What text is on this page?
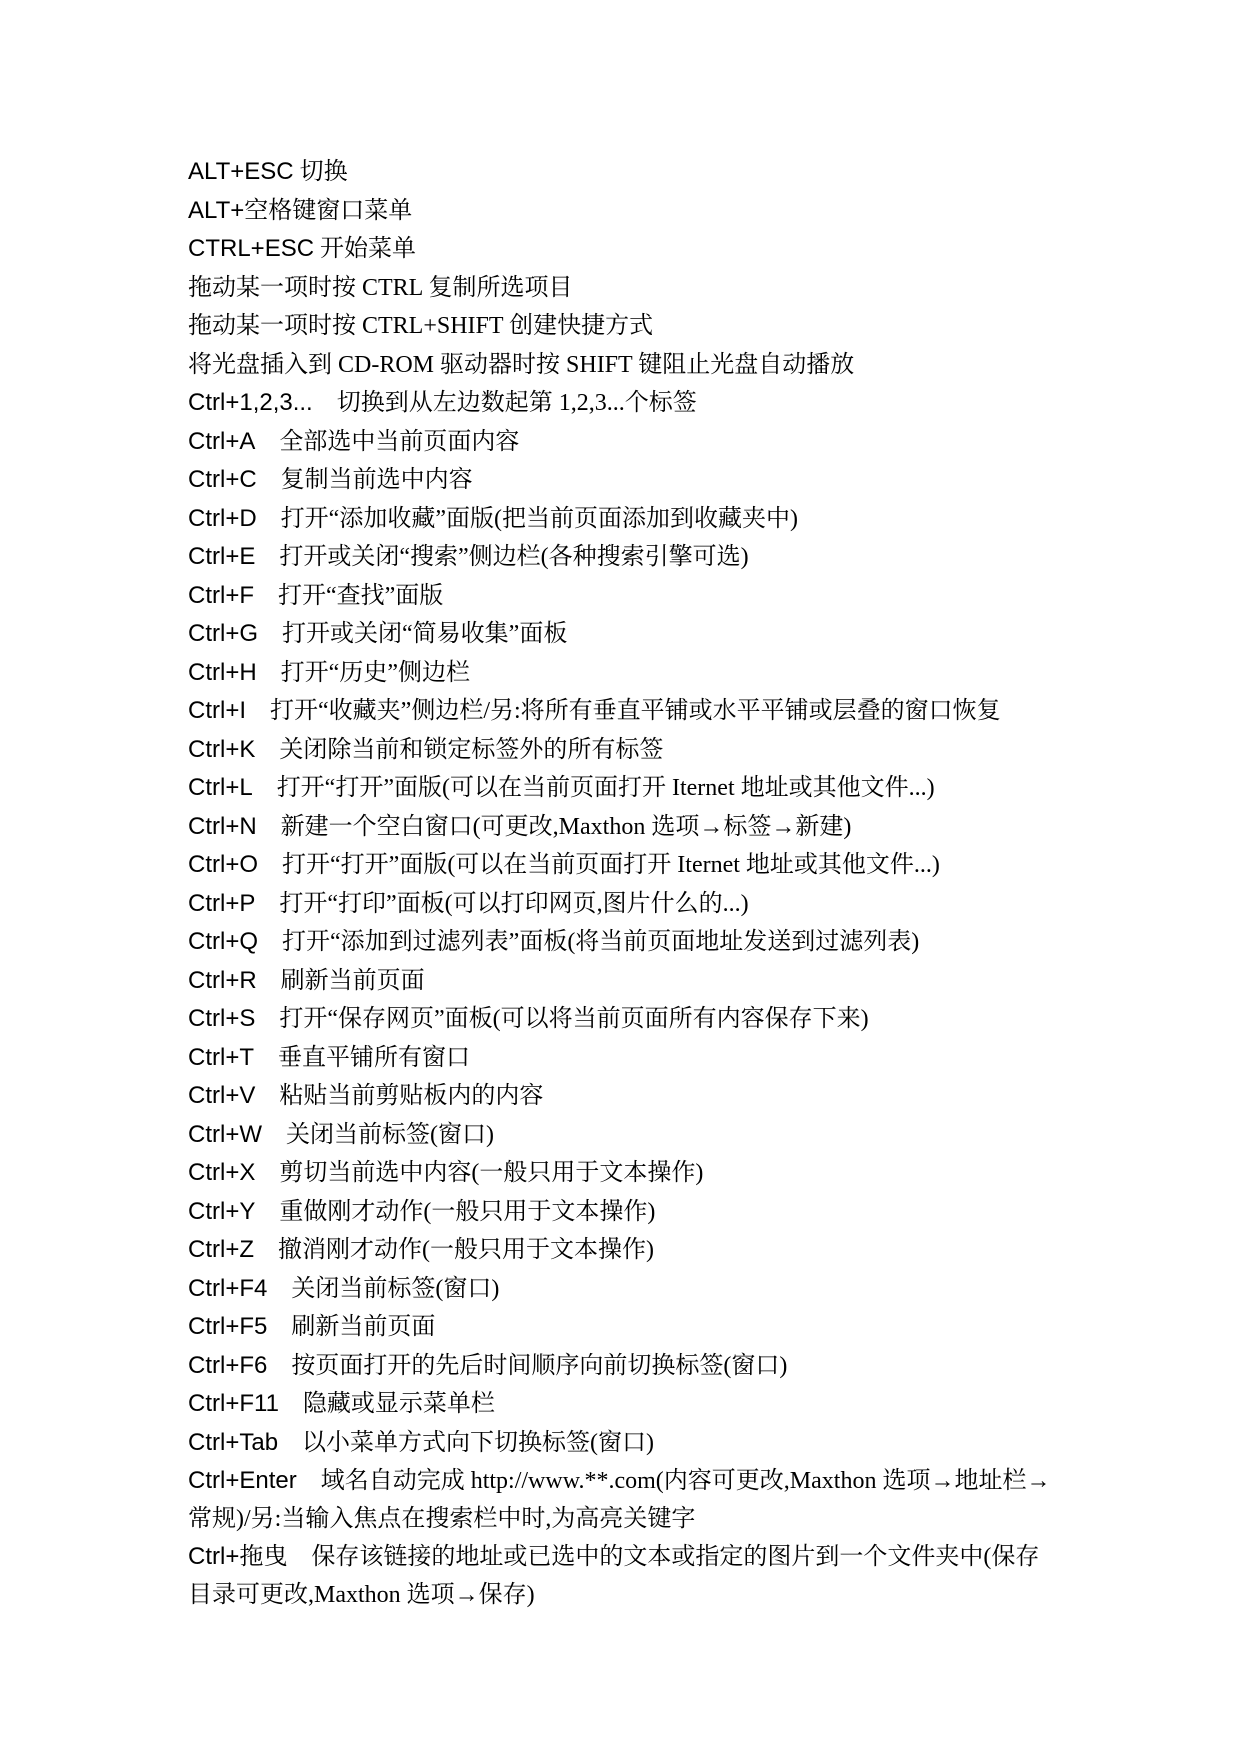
ALT+ESC 切换
ALT+空格键窗口菜单
CTRL+ESC 开始菜单
拖动某一项时按 CTRL 复制所选项目
拖动某一项时按 CTRL+SHIFT 创建快捷方式
将光盘插入到 CD-ROM 驱动器时按 SHIFT 键阻止光盘自动播放
Ctrl+1,2,3...    切换到从左边数起第 1,2,3...个标签
Ctrl+A    全部选中当前页面内容
Ctrl+C    复制当前选中内容
Ctrl+D    打开“添加收藏”面版(把当前页面添加到收藏夹中)
Ctrl+E    打开或关闭“搜索”侧边栏(各种搜索引擎可选)
Ctrl+F    打开“查找”面版
Ctrl+G    打开或关闭“简易收集”面板
Ctrl+H    打开“历史”侧边栏
Ctrl+I    打开“收藏夹”侧边栏/另:将所有垂直平铺或水平平铺或层叠的窗口恢复
Ctrl+K    关闭除当前和锁定标签外的所有标签
Ctrl+L    打开“打开”面版(可以在当前页面打开 Iternet 地址或其他文件...)
Ctrl+N    新建一个空白窗口(可更改,Maxthon 选项→标签→新建)
Ctrl+O    打开“打开”面版(可以在当前页面打开 Iternet 地址或其他文件...)
Ctrl+P    打开“打印”面板(可以打印网页,图片什么的...)
Ctrl+Q    打开“添加到过滤列表”面板(将当前页面地址发送到过滤列表)
Ctrl+R    刷新当前页面
Ctrl+S    打开“保存网页”面板(可以将当前页面所有内容保存下来)
Ctrl+T    垂直平铺所有窗口
Ctrl+V    粘贴当前剪贴板内的内容
Ctrl+W    关闭当前标签(窗口)
Ctrl+X    剪切当前选中内容(一般只用于文本操作)
Ctrl+Y    重做刚才动作(一般只用于文本操作)
Ctrl+Z    撤消刚才动作(一般只用于文本操作)
Ctrl+F4    关闭当前标签(窗口)
Ctrl+F5    刷新当前页面
Ctrl+F6    按页面打开的先后时间顺序向前切换标签(窗口)
Ctrl+F11    隐藏或显示菜单栏
Ctrl+Tab    以小菜单方式向下切换标签(窗口)
Ctrl+Enter    域名自动完成 http://www.**.com(内容可更改,Maxthon 选项→地址栏→常规)/另:当输入焦点在搜索栏中时,为高亮关键字
Ctrl+拖曳    保存该链接的地址或已选中的文本或指定的图片到一个文件夹中(保存目录可更改,Maxthon 选项→保存)
